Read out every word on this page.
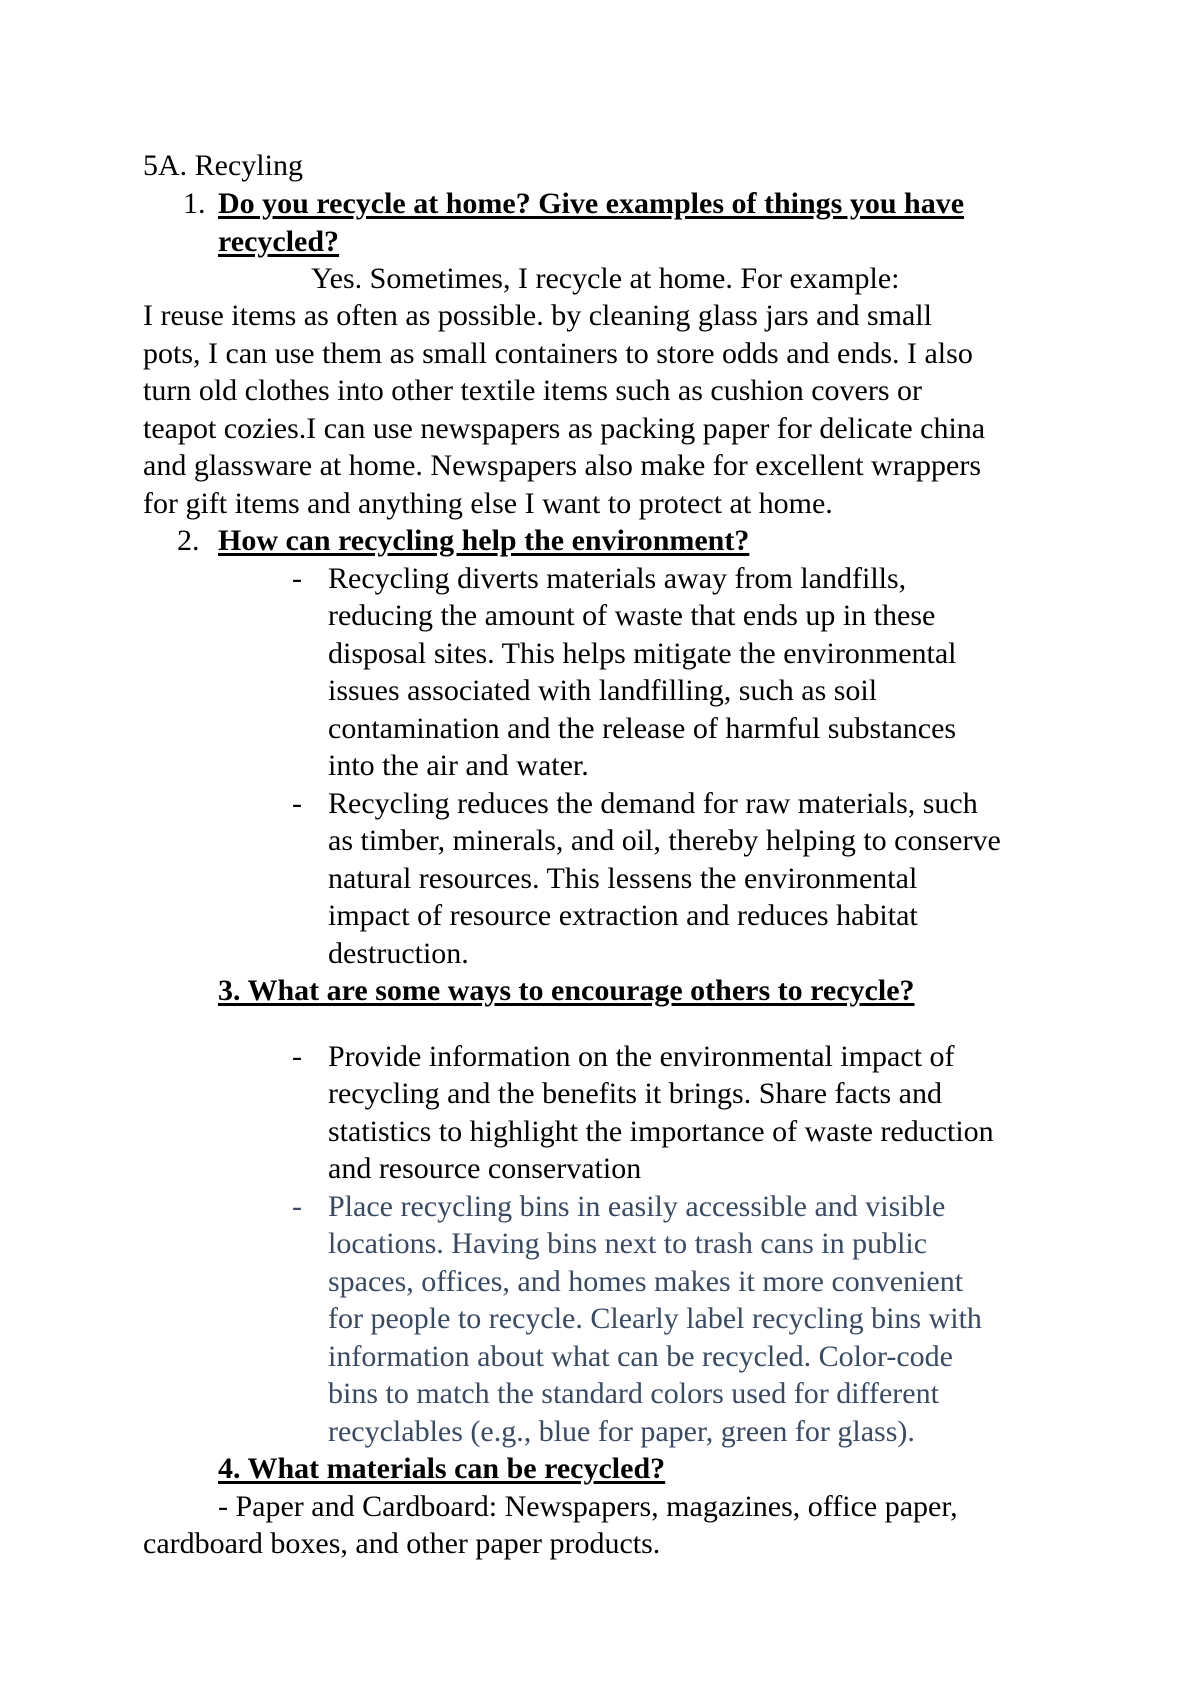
5A. Recyling
1. Do you recycle at home? Give examples of things you have
recycled?
Yes. Sometimes, I recycle at home. For example:
I reuse items as often as possible. by cleaning glass jars and small
pots, I can use them as small containers to store odds and ends. I also
turn old clothes into other textile items such as cushion covers or
teapot cozies.I can use newspapers as packing paper for delicate china
and glassware at home. Newspapers also make for excellent wrappers
for gift items and anything else I want to protect at home.
2. How can recycling help the environment?
- Recycling diverts materials away from landfills,
reducing the amount of waste that ends up in these
disposal sites. This helps mitigate the environmental
issues associated with landfilling, such as soil
contamination and the release of harmful substances
into the air and water.
- Recycling reduces the demand for raw materials, such
as timber, minerals, and oil, thereby helping to conserve
natural resources. This lessens the environmental
impact of resource extraction and reduces habitat
destruction.
3. What are some ways to encourage others to recycle?
- Provide information on the environmental impact of
recycling and the benefits it brings. Share facts and
statistics to highlight the importance of waste reduction
and resource conservation
- Place recycling bins in easily accessible and visible
locations. Having bins next to trash cans in public
spaces, offices, and homes makes it more convenient
for people to recycle. Clearly label recycling bins with
information about what can be recycled. Color-code
bins to match the standard colors used for different
recyclables (e.g., blue for paper, green for glass).
4. What materials can be recycled?
- Paper and Cardboard: Newspapers, magazines, office paper,
cardboard boxes, and other paper products.
